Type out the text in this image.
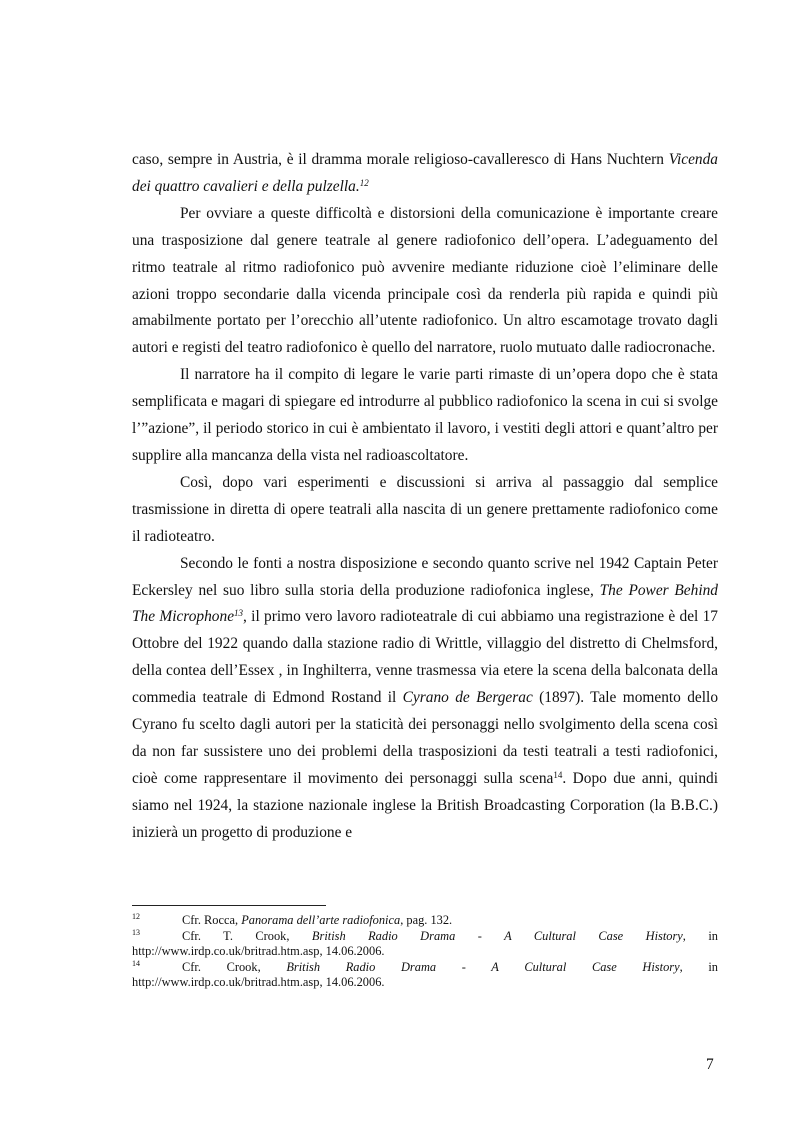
caso, sempre in Austria, è il dramma morale religioso-cavalleresco di Hans Nuchtern Vicenda dei quattro cavalieri e della pulzella.$^{12}$

Per ovviare a queste difficoltà e distorsioni della comunicazione è importante creare una trasposizione dal genere teatrale al genere radiofonico dell’opera. L’adeguamento del ritmo teatrale al ritmo radiofonico può avvenire mediante riduzione cioè l’eliminare delle azioni troppo secondarie dalla vicenda principale così da renderla più rapida e quindi più amabilmente portato per l’orecchio all’utente radiofonico. Un altro escamotage trovato dagli autori e registi del teatro radiofonico è quello del narratore, ruolo mutuato dalle radiocronache.

Il narratore ha il compito di legare le varie parti rimaste di un’opera dopo che è stata semplificata e magari di spiegare ed introdurre al pubblico radiofonico la scena in cui si svolge l’”azione”, il periodo storico in cui è ambientato il lavoro, i vestiti degli attori e quant’altro per supplire alla mancanza della vista nel radioascoltatore.

Così, dopo vari esperimenti e discussioni si arriva al passaggio dal semplice trasmissione in diretta di opere teatrali alla nascita di un genere prettamente radiofonico come il radioteatro.

Secondo le fonti a nostra disposizione e secondo quanto scrive nel 1942 Captain Peter Eckersley nel suo libro sulla storia della produzione radiofonica inglese, The Power Behind The Microphone$^{13}$, il primo vero lavoro radioteatrale di cui abbiamo una registrazione è del 17 Ottobre del 1922 quando dalla stazione radio di Writtle, villaggio del distretto di Chelmsford, della contea dell’Essex , in Inghilterra, venne trasmessa via etere la scena della balconata della commedia teatrale di Edmond Rostand il Cyrano de Bergerac (1897). Tale momento dello Cyrano fu scelto dagli autori per la staticità dei personaggi nello svolgimento della scena così da non far sussistere uno dei problemi della trasposizioni da testi teatrali a testi radiofonici, cioè come rappresentare il movimento dei personaggi sulla scena$^{14}$. Dopo due anni, quindi siamo nel 1924, la stazione nazionale inglese la British Broadcasting Corporation (la B.B.C.) inizierà un progetto di produzione e

12	Cfr. Rocca, Panorama dell’arte radiofonica, pag. 132.
13	Cfr. T. Crook, British Radio Drama - A Cultural Case History, in
http://www.irdp.co.uk/britrad.htm.asp, 14.06.2006.
14	Cfr. Crook, British Radio Drama - A Cultural Case History, in
http://www.irdp.co.uk/britrad.htm.asp, 14.06.2006.
7
